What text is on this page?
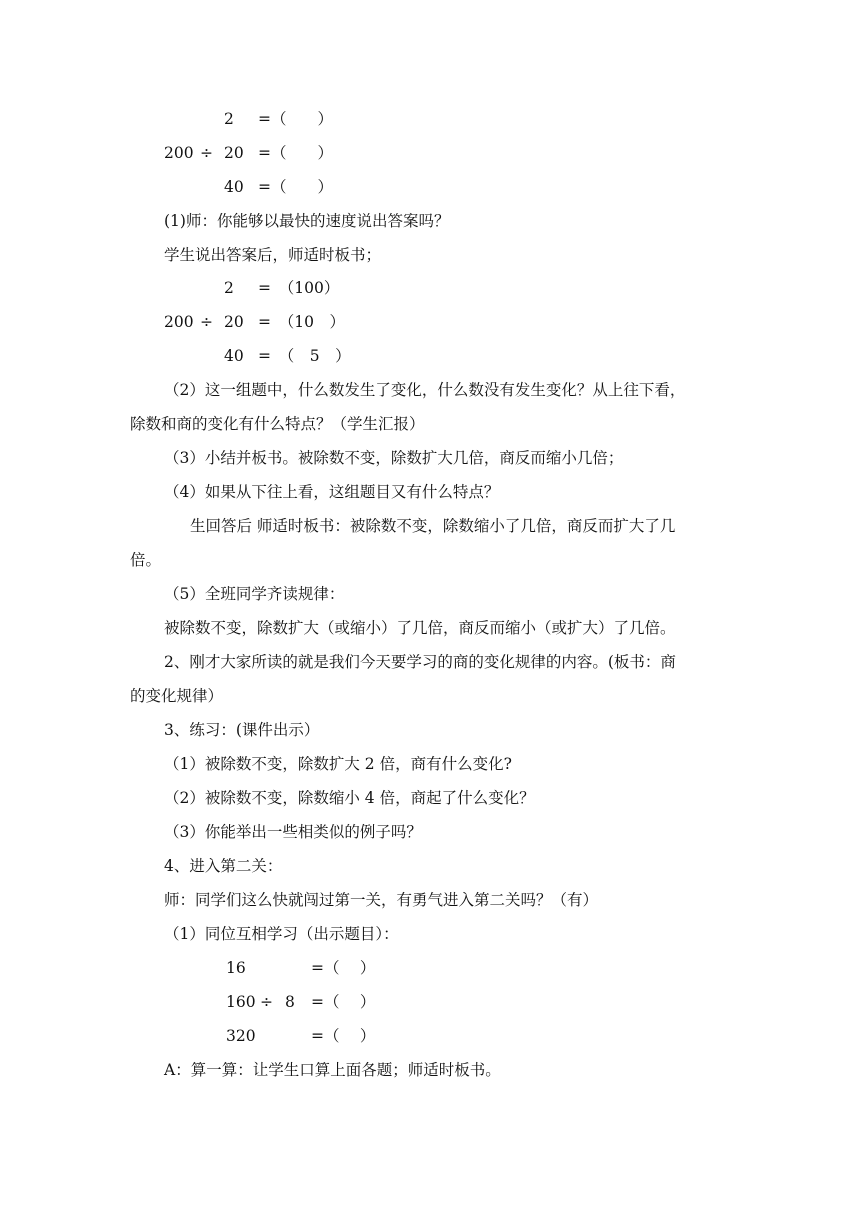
2 =（　　）
200 ÷ 20 =（　　）
40 =（　　）
(1)师：你能够以最快的速度说出答案吗？
学生说出答案后，师适时板书；
2 =　（100）
200 ÷ 20 =　（10　）
40 =　（　5　）
（2）这一组题中，什么数发生了变化，什么数没有发生变化？从上往下看，
除数和商的变化有什么特点？（学生汇报）
（3）小结并板书。被除数不变，除数扩大几倍，商反而缩小几倍；
（4）如果从下往上看，这组题目又有什么特点？
生回答后 师适时板书：被除数不变，除数缩小了几倍，商反而扩大了几
倍。
（5）全班同学齐读规律：
被除数不变，除数扩大（或缩小）了几倍，商反而缩小（或扩大）了几倍。
2、刚才大家所读的就是我们今天要学习的商的变化规律的内容。(板书：商
的变化规律）
3、练习：(课件出示）
（1）被除数不变，除数扩大 2 倍，商有什么变化?
（2）被除数不变，除数缩小 4 倍，商起了什么变化？
（3）你能举出一些相类似的例子吗？
4、进入第二关：
师：同学们这么快就闯过第一关，有勇气进入第二关吗？（有）
（1）同位互相学习（出示题目）：
16	=（　 ）
160 ÷ 8 =（　 ）
320	=（　 ）
A：算一算：让学生口算上面各题；师适时板书。
